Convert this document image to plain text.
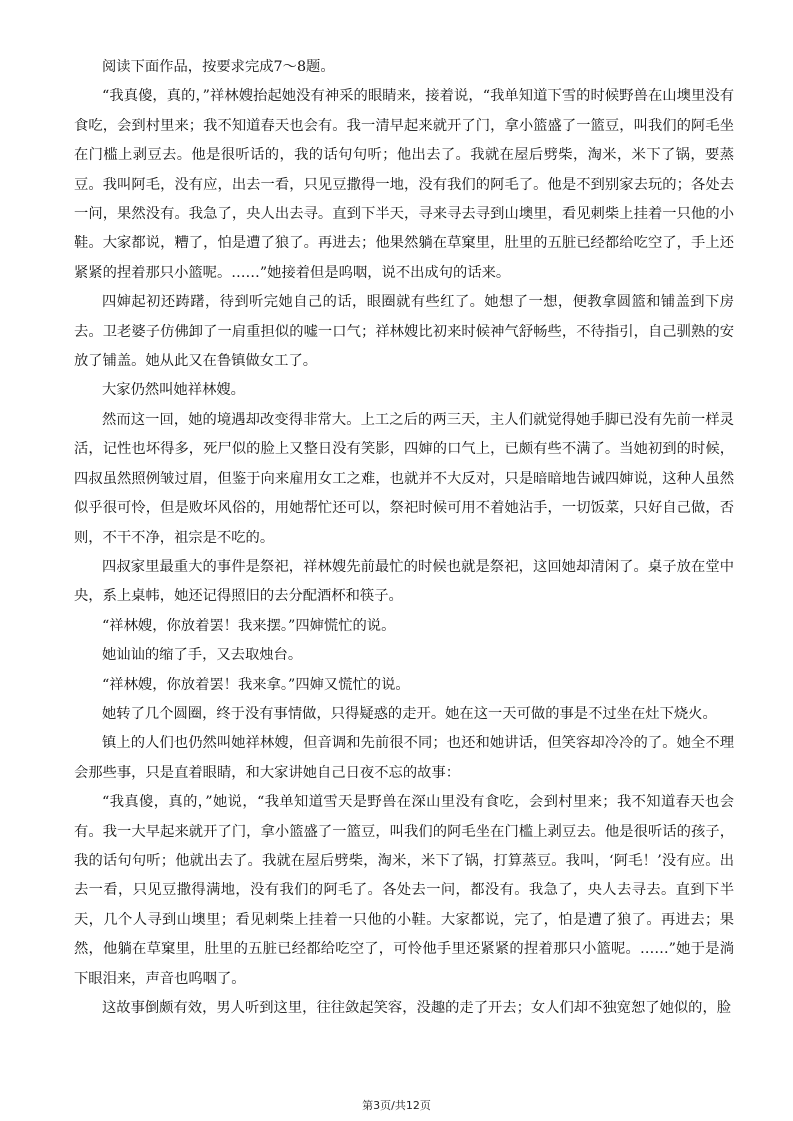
阅读下面作品，按要求完成7～8题。

“我真傻，真的，”祥林嫂抬起她没有神采的眼睛来，接着说，“我单知道下雪的时候野兽在山墺里没有食吃，会到村里来；我不知道春天也会有。我一清早起来就开了门，拿小篮盛了一篮豆，叫我们的阿毛坐在门槛上剥豆去。他是很听话的，我的话句句听；他出去了。我就在屋后劈柴，淘米，米下了锅，要蒸豆。我叫阿毛，没有应，出去一看，只见豆撒得一地，没有我们的阿毛了。他是不到别家去玩的；各处去一问，果然没有。我急了，央人出去寻。直到下半天，寻来寻去寻到山墺里，看见刺柴上挂着一只他的小鞋。大家都说，糟了，怕是遭了狼了。再进去；他果然躺在草窠里，肚里的五脏已经都给吃空了，手上还紧紧的捏着那只小篮呢。……”她接着但是呜咽，说不出成句的话来。

四婶起初还踌躇，待到听完她自己的话，眼圈就有些红了。她想了一想，便教拿圆篮和铺盖到下房去。卫老婆子仿佛卸了一肩重担似的嘘一口气；祥林嫂比初来时候神气舒畅些，不待指引，自己驯熟的安放了铺盖。她从此又在鲁镇做女工了。

大家仍然叫她祥林嫂。

然而这一回，她的境遇却改变得非常大。上工之后的两三天，主人们就觉得她手脚已没有先前一样灵活，记性也坏得多，死尸似的脸上又整日没有笑影，四婶的口气上，已颇有些不满了。当她初到的时候，四叔虽然照例皱过眉，但鉴于向来雇用女工之难，也就并不大反对，只是暗暗地告诫四婶说，这种人虽然似乎很可怜，但是败坏风俗的，用她帮忙还可以，祭祀时候可用不着她沾手，一切饭菜，只好自己做，否则，不干不净，祖宗是不吃的。

四叔家里最重大的事件是祭祀，祥林嫂先前最忙的时候也就是祭祀，这回她却清闲了。桌子放在堂中央，系上桌帏，她还记得照旧的去分配酒杯和筷子。

“祥林嫂，你放着罢！我来摆。”四婶慌忙的说。

她讪讪的缩了手，又去取烛台。

“祥林嫂，你放着罢！我来拿。”四婶又慌忙的说。

她转了几个圆圈，终于没有事情做，只得疑惑的走开。她在这一天可做的事是不过坐在灶下烧火。

镇上的人们也仍然叫她祥林嫂，但音调和先前很不同；也还和她讲话，但笑容却冷冷的了。她全不理会那些事，只是直着眼睛，和大家讲她自己日夜不忘的故事：

“我真傻，真的，”她说，“我单知道雪天是野兽在深山里没有食吃，会到村里来；我不知道春天也会有。我一大早起来就开了门，拿小篮盛了一篮豆，叫我们的阿毛坐在门槛上剥豆去。他是很听话的孩子，我的话句句听；他就出去了。我就在屋后劈柴，淘米，米下了锅，打算蒸豆。我叫，‘阿毛！’没有应。出去一看，只见豆撒得满地，没有我们的阿毛了。各处去一问，都没有。我急了，央人去寻去。直到下半天，几个人寻到山墺里；看见刺柴上挂着一只他的小鞋。大家都说，完了，怕是遭了狼了。再进去；果然，他躺在草窠里，肚里的五脏已经都给吃空了，可怜他手里还紧紧的捏着那只小篮呢。……”她于是淌下眼泪来，声音也呜咽了。

这故事倒颇有效，男人听到这里，往往敛起笑容，没趣的走了开去；女人们却不独宽恕了她似的，脸

第3页/共12页
